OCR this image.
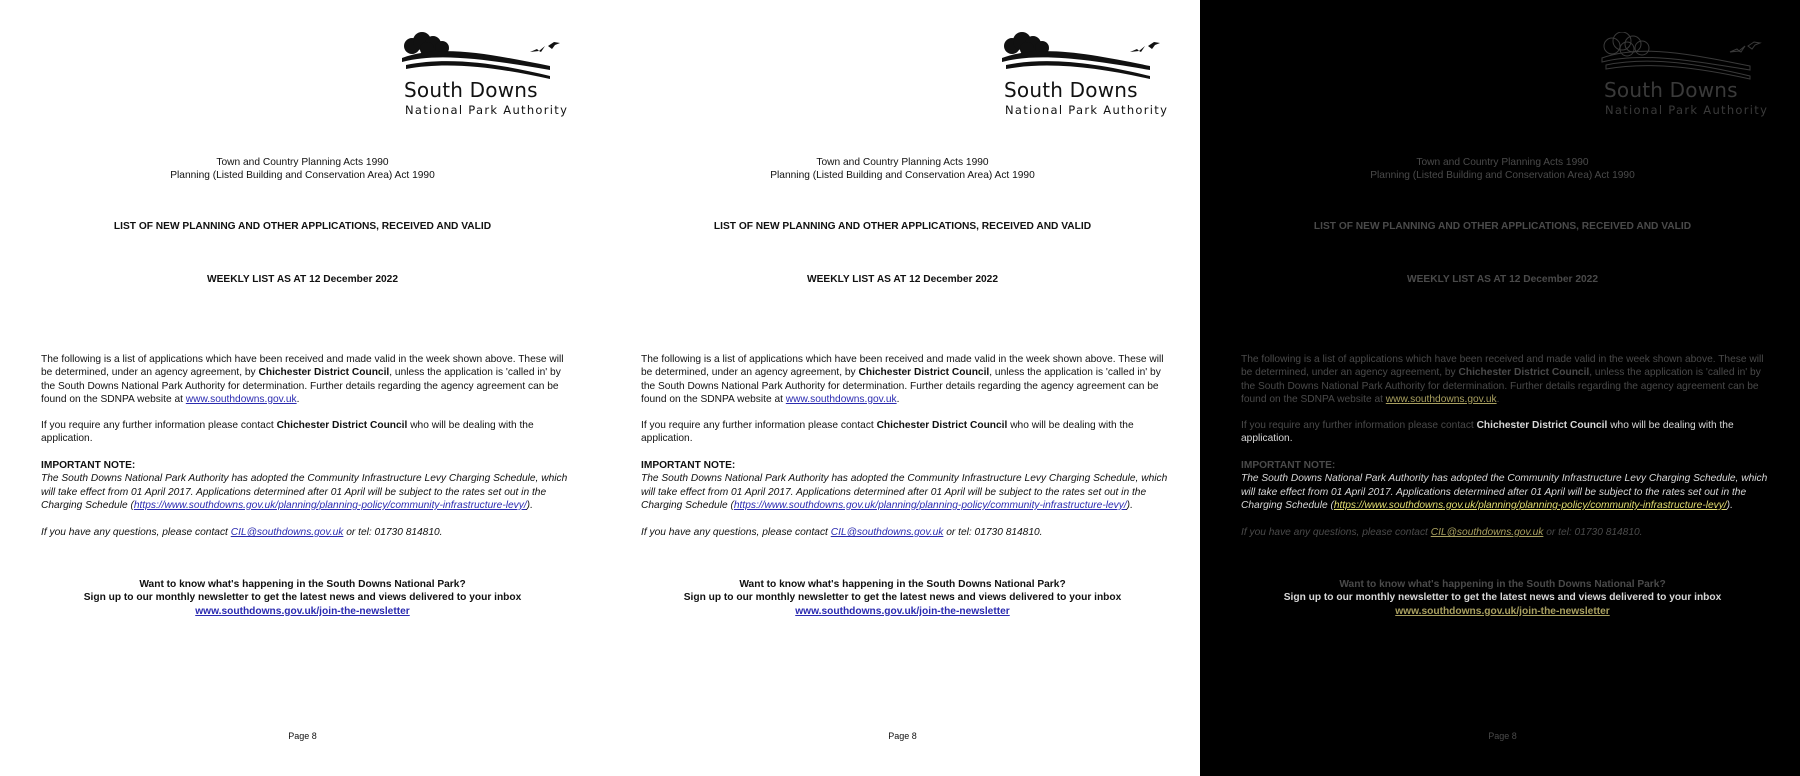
South Downs
National Park Authority
Town and Country Planning Acts 1990
Planning (Listed Building and Conservation Area) Act 1990
LIST OF NEW PLANNING AND OTHER APPLICATIONS, RECEIVED AND VALID
WEEKLY LIST AS AT 12 December 2022
The following is a list of applications which have been received and made valid in the week shown above. These will be determined, under an agency agreement, by Chichester District Council, unless the application is 'called in' by the South Downs National Park Authority for determination. Further details regarding the agency agreement can be found on the SDNPA website at www.southdowns.gov.uk.
If you require any further information please contact Chichester District Council who will be dealing with the application.
IMPORTANT NOTE:
The South Downs National Park Authority has adopted the Community Infrastructure Levy Charging Schedule, which will take effect from 01 April 2017. Applications determined after 01 April will be subject to the rates set out in the Charging Schedule (https://www.southdowns.gov.uk/planning/planning-policy/community-infrastructure-levy/).
If you have any questions, please contact CIL@southdowns.gov.uk or tel: 01730 814810.
Want to know what's happening in the South Downs National Park?
Sign up to our monthly newsletter to get the latest news and views delivered to your inbox
www.southdowns.gov.uk/join-the-newsletter
Page 8
South Downs
National Park Authority
Town and Country Planning Acts 1990
Planning (Listed Building and Conservation Area) Act 1990
LIST OF NEW PLANNING AND OTHER APPLICATIONS, RECEIVED AND VALID
WEEKLY LIST AS AT 12 December 2022
The following is a list of applications which have been received and made valid in the week shown above. These will be determined, under an agency agreement, by Chichester District Council, unless the application is 'called in' by the South Downs National Park Authority for determination. Further details regarding the agency agreement can be found on the SDNPA website at www.southdowns.gov.uk.
If you require any further information please contact Chichester District Council who will be dealing with the application.
IMPORTANT NOTE:
The South Downs National Park Authority has adopted the Community Infrastructure Levy Charging Schedule, which will take effect from 01 April 2017. Applications determined after 01 April will be subject to the rates set out in the Charging Schedule (https://www.southdowns.gov.uk/planning/planning-policy/community-infrastructure-levy/).
If you have any questions, please contact CIL@southdowns.gov.uk or tel: 01730 814810.
Want to know what's happening in the South Downs National Park?
Sign up to our monthly newsletter to get the latest news and views delivered to your inbox
www.southdowns.gov.uk/join-the-newsletter
Page 8
South Downs
National Park Authority
Town and Country Planning Acts 1990
Planning (Listed Building and Conservation Area) Act 1990
LIST OF NEW PLANNING AND OTHER APPLICATIONS, RECEIVED AND VALID
WEEKLY LIST AS AT 12 December 2022
The following is a list of applications which have been received and made valid in the week shown above. These will be determined, under an agency agreement, by Chichester District Council, unless the application is 'called in' by the South Downs National Park Authority for determination. Further details regarding the agency agreement can be found on the SDNPA website at www.southdowns.gov.uk.
If you require any further information please contact Chichester District Council who will be dealing with the application.
IMPORTANT NOTE:
The South Downs National Park Authority has adopted the Community Infrastructure Levy Charging Schedule, which will take effect from 01 April 2017. Applications determined after 01 April will be subject to the rates set out in the Charging Schedule (https://www.southdowns.gov.uk/planning/planning-policy/community-infrastructure-levy/).
If you have any questions, please contact CIL@southdowns.gov.uk or tel: 01730 814810.
Want to know what's happening in the South Downs National Park?
Sign up to our monthly newsletter to get the latest news and views delivered to your inbox
www.southdowns.gov.uk/join-the-newsletter
Page 8
